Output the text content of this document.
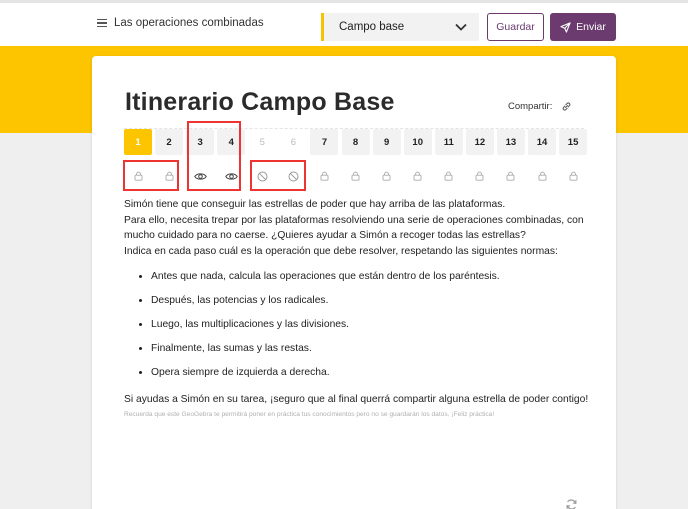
Las operaciones combinadas	Campo base	Guardar	Enviar
Itinerario Campo Base	Compartir:
1	2	3	4	5	6	7	8	9	10	11	12	13	14	15

Simón tiene que conseguir las estrellas de poder que hay arriba de las plataformas.

Para ello, necesita trepar por las plataformas resolviendo una serie de operaciones combinadas, con mucho cuidado para no caerse. ¿Quieres ayudar a Simón a recoger todas las estrellas?

Indica en cada paso cuál es la operación que debe resolver, respetando las siguientes normas:

• Antes que nada, calcula las operaciones que están dentro de los paréntesis.
• Después, las potencias y los radicales.
• Luego, las multiplicaciones y las divisiones.
• Finalmente, las sumas y las restas.
• Opera siempre de izquierda a derecha.

Si ayudas a Simón en su tarea, ¡seguro que al final querrá compartir alguna estrella de poder contigo!

Recuerda que este GeoGebra te permitirá poner en práctica tus conocimientos pero no se guardarán los datos. ¡Feliz práctica!
